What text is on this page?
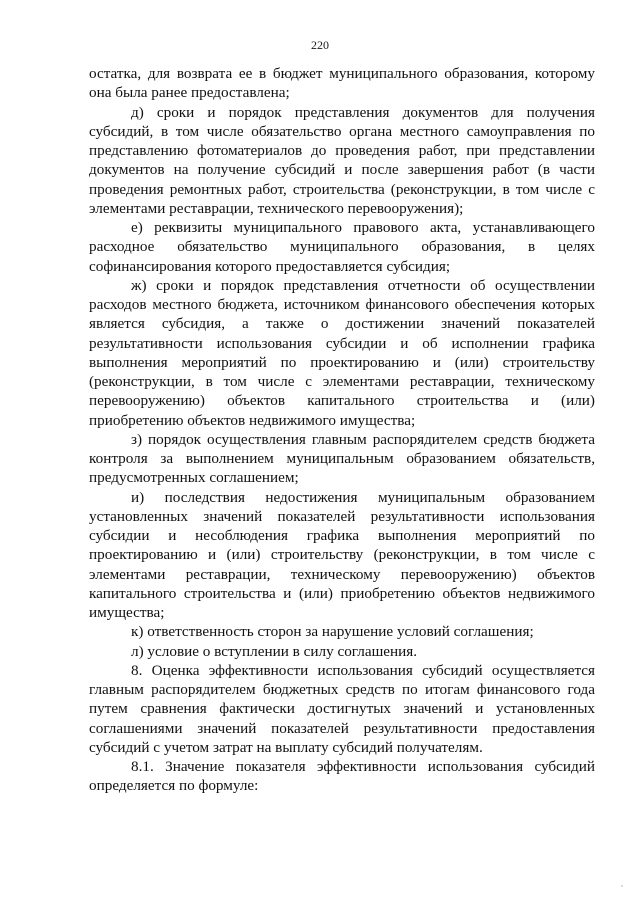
220

остатка, для возврата ее в бюджет муниципального образования, которому она была ранее предоставлена;

д) сроки и порядок представления документов для получения субсидий, в том числе обязательство органа местного самоуправления по представлению фотоматериалов до проведения работ, при представлении документов на получение субсидий и после завершения работ (в части проведения ремонтных работ, строительства (реконструкции, в том числе с элементами реставрации, технического перевооружения);

е) реквизиты муниципального правового акта, устанавливающего расходное обязательство муниципального образования, в целях софинансирования которого предоставляется субсидия;

ж) сроки и порядок представления отчетности об осуществлении расходов местного бюджета, источником финансового обеспечения которых является субсидия, а также о достижении значений показателей результативности использования субсидии и об исполнении графика выполнения мероприятий по проектированию и (или) строительству (реконструкции, в том числе с элементами реставрации, техническому перевооружению) объектов капитального строительства и (или) приобретению объектов недвижимого имущества;

з) порядок осуществления главным распорядителем средств бюджета контроля за выполнением муниципальным образованием обязательств, предусмотренных соглашением;

и) последствия недостижения муниципальным образованием установленных значений показателей результативности использования субсидии и несоблюдения графика выполнения мероприятий по проектированию и (или) строительству (реконструкции, в том числе с элементами реставрации, техническому перевооружению) объектов капитального строительства и (или) приобретению объектов недвижимого имущества;

к) ответственность сторон за нарушение условий соглашения;

л) условие о вступлении в силу соглашения.

8. Оценка эффективности использования субсидий осуществляется главным распорядителем бюджетных средств по итогам финансового года путем сравнения фактически достигнутых значений и установленных соглашениями значений показателей результативности предоставления субсидий с учетом затрат на выплату субсидий получателям.

8.1. Значение показателя эффективности использования субсидий определяется по формуле:
